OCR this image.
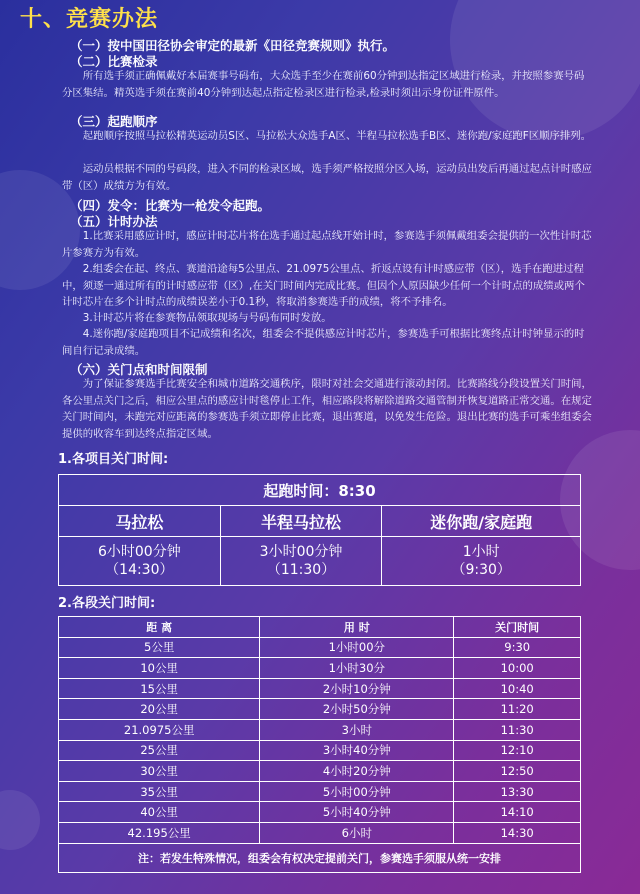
十、竞赛办法
（一）按中国田径协会审定的最新《田径竞赛规则》执行。
（二）比赛检录
所有选手须正确佩戴好本届赛事号码布，大众选手至少在赛前60分钟到达指定区域进行检录，并按照参赛号码分区集结。精英选手须在赛前40分钟到达起点指定检录区进行检录,检录时须出示身份证件原件。
（三）起跑顺序
起跑顺序按照马拉松精英运动员S区、马拉松大众选手A区、半程马拉松选手B区、迷你跑/家庭跑F区顺序排列。
运动员根据不同的号码段，进入不同的检录区域，选手须严格按照分区入场，运动员出发后再通过起点计时感应带（区）成绩方为有效。
（四）发令：比赛为一枪发令起跑。
（五）计时办法
1.比赛采用感应计时，感应计时芯片将在选手通过起点线开始计时，参赛选手须佩戴组委会提供的一次性计时芯片参赛方为有效。
2.组委会在起、终点、赛道沿途每5公里点、21.0975公里点、折返点设有计时感应带（区），选手在跑进过程中，须逐一通过所有的计时感应带（区）,在关门时间内完成比赛。但因个人原因缺少任何一个计时点的成绩或两个计时芯片在多个计时点的成绩误差小于0.1秒，将取消参赛选手的成绩，将不予排名。
3.计时芯片将在参赛物品领取现场与号码布同时发放。
4.迷你跑/家庭跑项目不记成绩和名次，组委会不提供感应计时芯片，参赛选手可根据比赛终点计时钟显示的时间自行记录成绩。
（六）关门点和时间限制
为了保证参赛选手比赛安全和城市道路交通秩序，限时对社会交通进行滚动封闭。比赛路线分段设置关门时间，各公里点关门之后，相应公里点的感应计时毯停止工作，相应路段将解除道路交通管制并恢复道路正常交通。在规定关门时间内，未跑完对应距离的参赛选手须立即停止比赛，退出赛道，以免发生危险。退出比赛的选手可乘坐组委会提供的收容车到达终点指定区域。
1.各项目关门时间:
起跑时间：8:30		
马拉松	半程马拉松	迷你跑/家庭跑
6小时00分钟
（14:30）	3小时00分钟
（11:30）	1小时
（9:30）
2.各段关门时间:
距 离	用 时	关门时间
5公里	1小时00分	9:30
10公里	1小时30分	10:00
15公里	2小时10分钟	10:40
20公里	2小时50分钟	11:20
21.0975公里	3小时	11:30
25公里	3小时40分钟	12:10
30公里	4小时20分钟	12:50
35公里	5小时00分钟	13:30
40公里	5小时40分钟	14:10
42.195公里	6小时	14:30
注：若发生特殊情况，组委会有权决定提前关门，参赛选手须服从统一安排		
